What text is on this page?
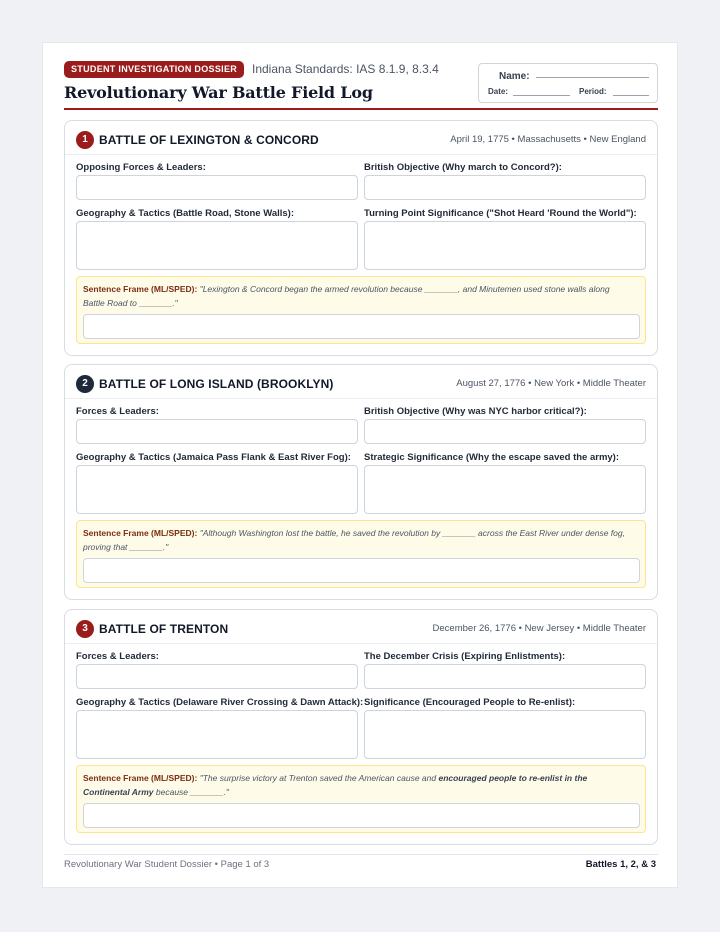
STUDENT INVESTIGATION DOSSIER	Indiana Standards: IAS 8.1.9, 8.3.4
Revolutionary War Battle Field Log
Name:
Date:	Period:
1 BATTLE OF LEXINGTON & CONCORD	April 19, 1775 • Massachusetts • New England
Opposing Forces & Leaders:	British Objective (Why march to Concord?):
Geography & Tactics (Battle Road, Stone Walls):	Turning Point Significance ("Shot Heard 'Round the World"):
Sentence Frame (ML/SPED): "Lexington & Concord began the armed revolution because _______, and Minutemen used stone walls along Battle Road to _______."
2 BATTLE OF LONG ISLAND (BROOKLYN)	August 27, 1776 • New York • Middle Theater
Forces & Leaders:	British Objective (Why was NYC harbor critical?):
Geography & Tactics (Jamaica Pass Flank & East River Fog): Strategic Significance (Why the escape saved the army):
Sentence Frame (ML/SPED): "Although Washington lost the battle, he saved the revolution by _______ across the East River under dense fog, proving that _______."
3 BATTLE OF TRENTON	December 26, 1776 • New Jersey • Middle Theater
Forces & Leaders:	The December Crisis (Expiring Enlistments):
Geography & Tactics (Delaware River Crossing & Dawn Attack): Significance (Encouraged People to Re-enlist):
Sentence Frame (ML/SPED): "The surprise victory at Trenton saved the American cause and encouraged people to re-enlist in the Continental Army because _______."
Revolutionary War Student Dossier • Page 1 of 3	Battles 1, 2, & 3
